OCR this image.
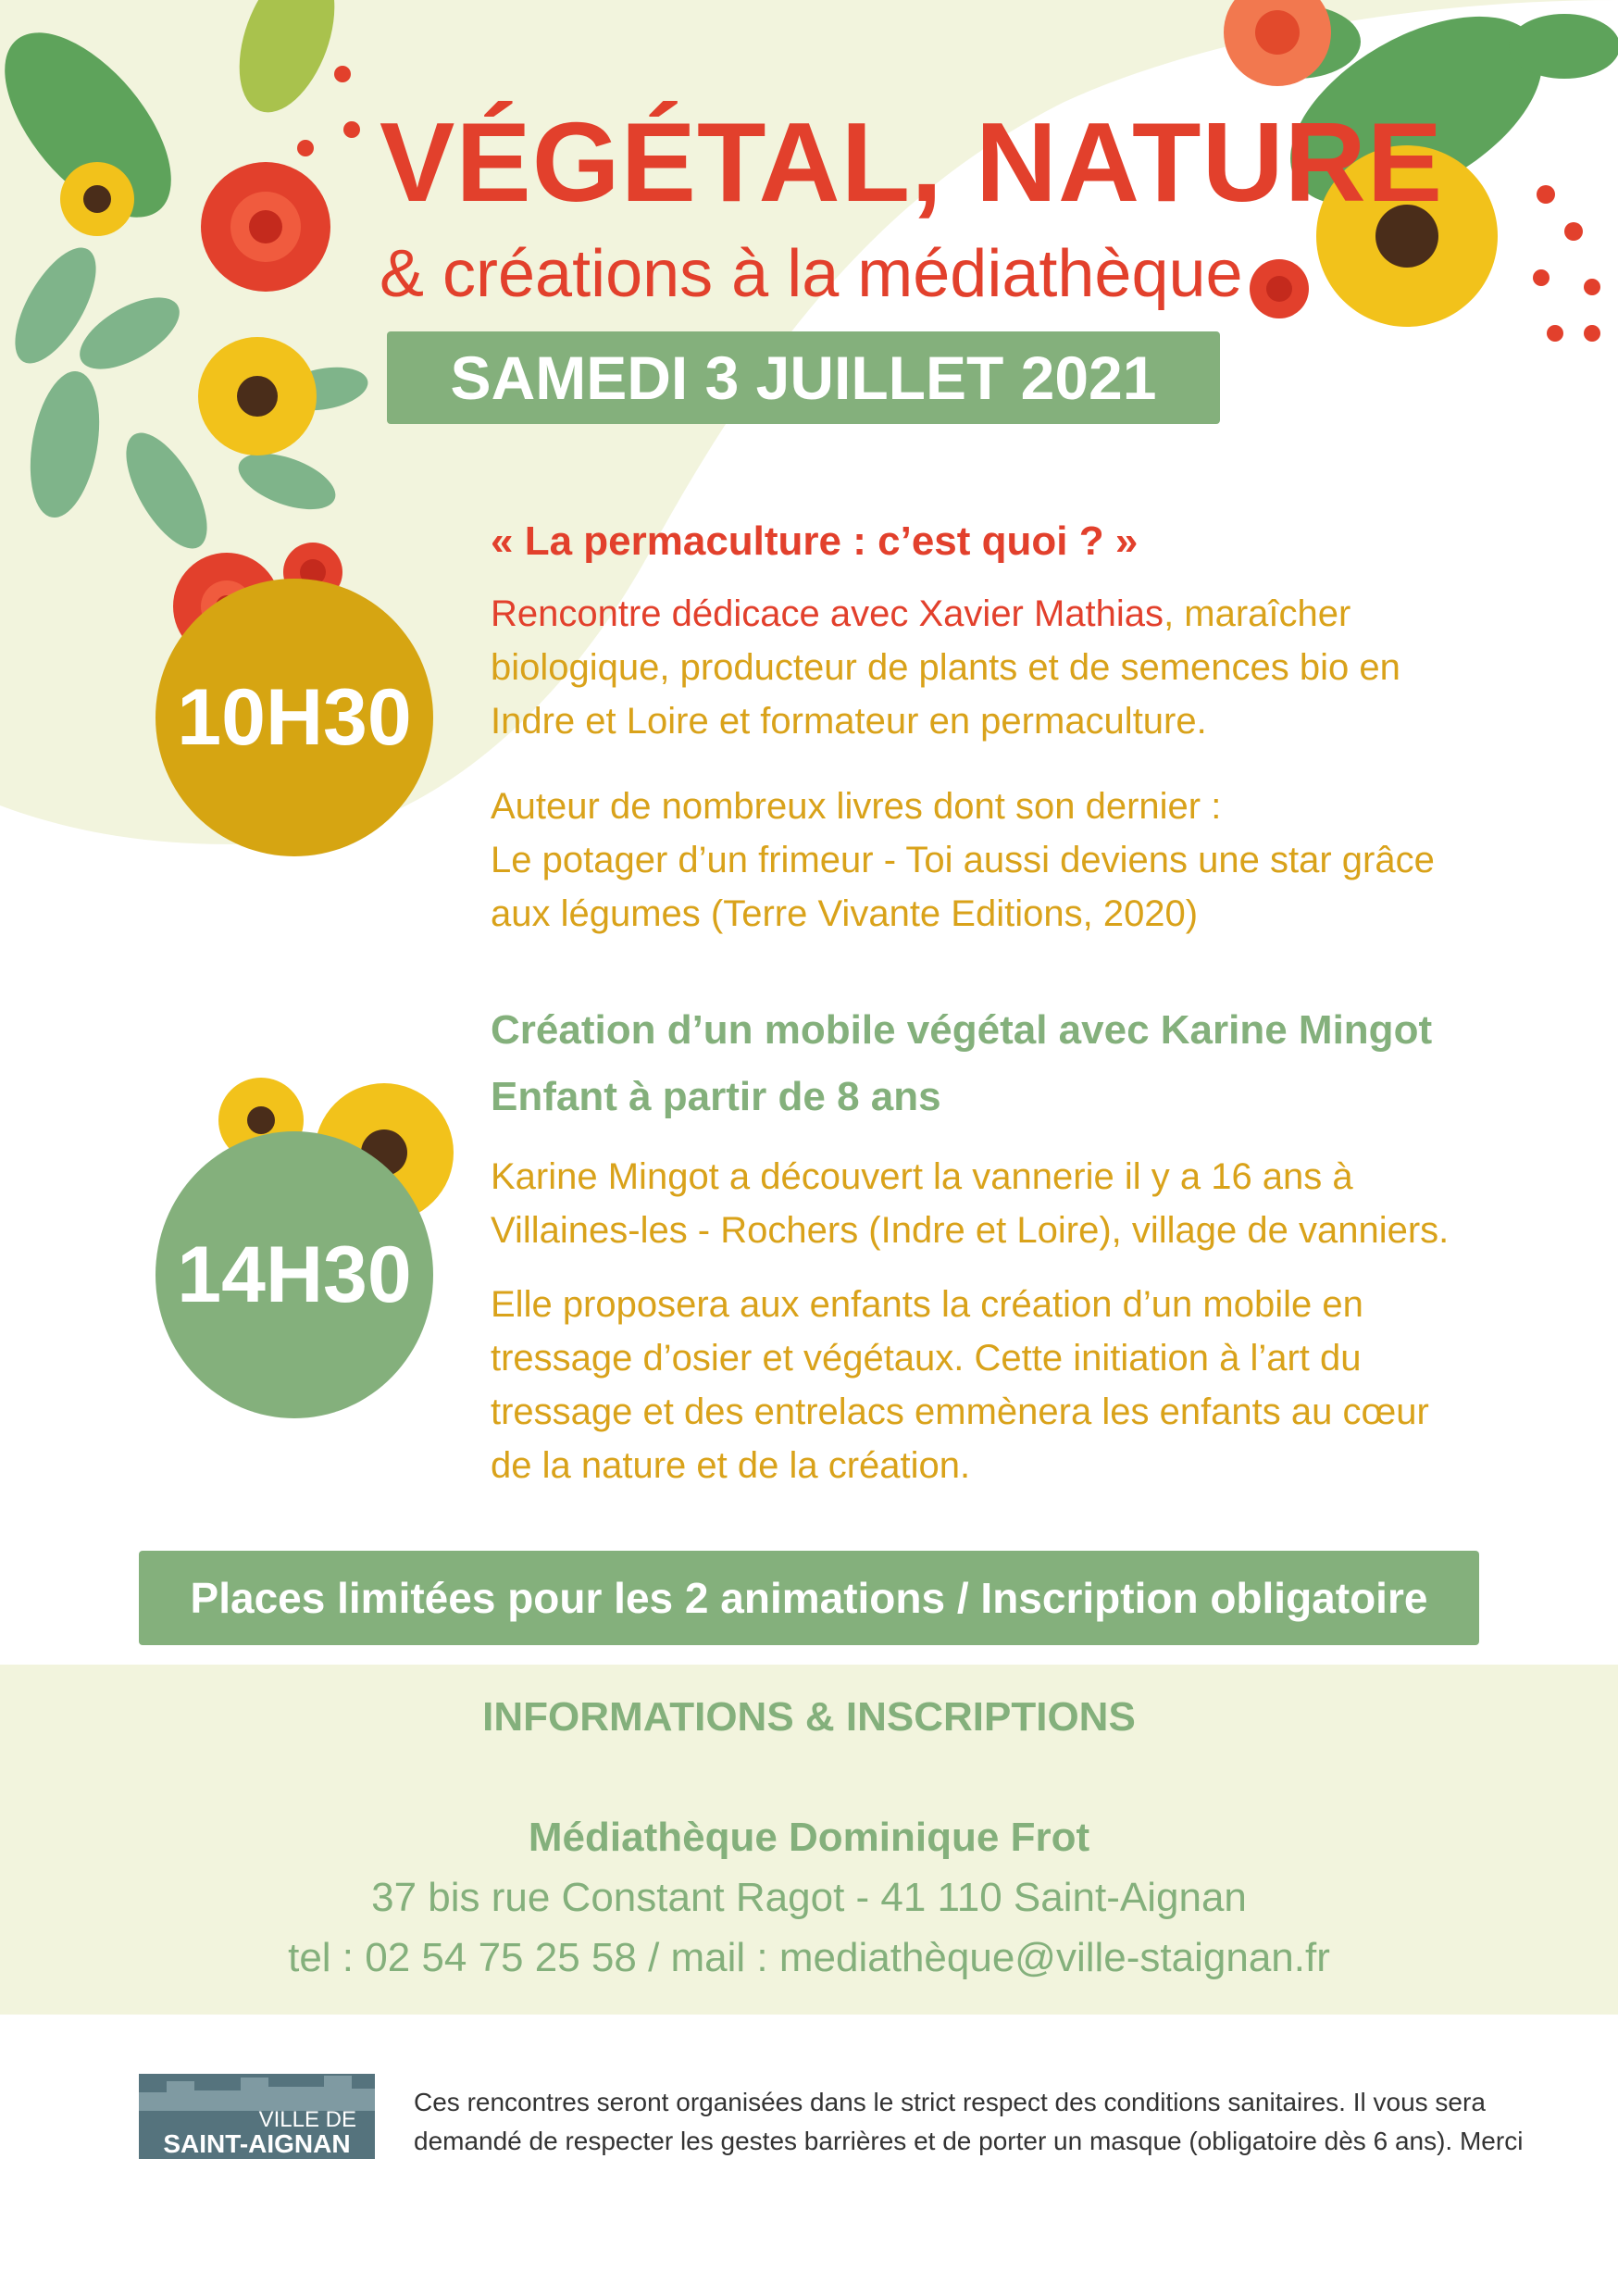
VÉGÉTAL, NATURE
& créations à la médiathèque
SAMEDI 3 JUILLET 2021
10H30
« La permaculture : c’est quoi ? »
Rencontre dédicace avec Xavier Mathias, maraîcher biologique, producteur de plants et de semences bio en Indre et Loire et formateur en permaculture.
Auteur de nombreux livres dont son dernier :
Le potager d’un frimeur - Toi aussi deviens une star grâce aux légumes (Terre Vivante Editions, 2020)
14H30
Création d’un mobile végétal avec Karine Mingot
Enfant à partir de 8 ans
Karine Mingot a découvert la vannerie il y a 16 ans à Villaines-les - Rochers (Indre et Loire), village de vanniers.
Elle proposera aux enfants la création d’un mobile en tressage d’osier et végétaux. Cette initiation à l’art du tressage et des entrelacs emmènera les enfants au cœur de la nature et de la création.
Places limitées pour les 2 animations / Inscription obligatoire
INFORMATIONS & INSCRIPTIONS
Médiathèque Dominique Frot
37 bis rue Constant Ragot - 41 110 Saint-Aignan
tel : 02 54 75 25 58 / mail : mediathèque@ville-staignan.fr
VILLE DE
SAINT-AIGNAN
Ces rencontres seront organisées dans le strict respect des conditions sanitaires. Il vous sera demandé de respecter les gestes barrières et de porter un masque (obligatoire dès 6 ans). Merci
